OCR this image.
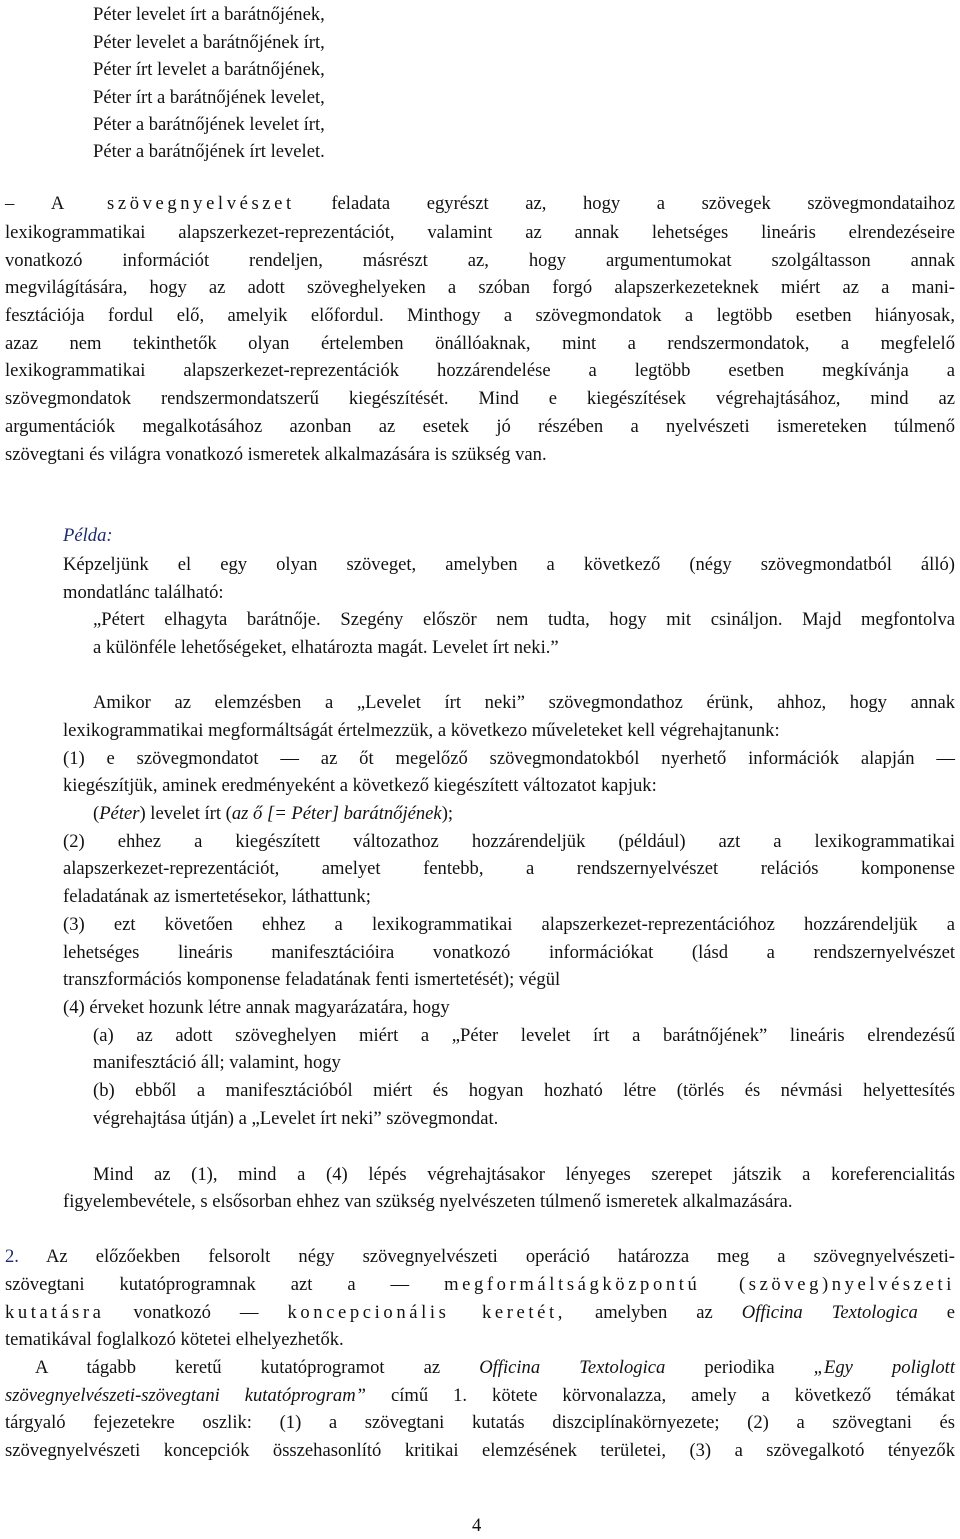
Péter levelet írt a barátnőjének,
Péter levelet a barátnőjének írt,
Péter írt levelet a barátnőjének,
Péter írt a barátnőjének levelet,
Péter a barátnőjének levelet írt,
Péter a barátnőjének írt levelet.
– A szövegnyelvészet feladata egyrészt az, hogy a szövegek szövegmondataihoz
lexikogrammatikai alapszerkezet-reprezentációt, valamint az annak lehetséges lineáris elrendezéseire
vonatkozó információt rendeljen, másrészt az, hogy argumentumokat szolgáltasson annak
megvilágítására, hogy az adott szöveghelyeken a szóban forgó alapszerkezeteknek miért az a mani-
fesztációja fordul elő, amelyik előfordul. Minthogy a szövegmondatok a legtöbb esetben hiányosak,
azaz nem tekinthetők olyan értelemben önállóaknak, mint a rendszermondatok, a megfelelő
lexikogrammatikai alapszerkezet-reprezentációk hozzárendelése a legtöbb esetben megkívánja a
szövegmondatok rendszermondatszerű kiegészítését. Mind e kiegészítések végrehajtásához, mind az
argumentációk megalkotásához azonban az esetek jó részében a nyelvészeti ismereteken túlmenő
szövegtani és világra vonatkozó ismeretek alkalmazására is szükség van.
Példa:
Képzeljünk el egy olyan szöveget, amelyben a következő (négy szövegmondatból álló)
mondatlánc található:
„Pétert elhagyta barátnője. Szegény először nem tudta, hogy mit csináljon. Majd megfontolva
a különféle lehetőségeket, elhatározta magát. Levelet írt neki.”
Amikor az elemzésben a „Levelet írt neki” szövegmondathoz érünk, ahhoz, hogy annak
lexikogrammatikai megformáltságát értelmezzük, a következo műveleteket kell végrehajtanunk:
(1) e szövegmondatot — az őt megelőző szövegmondatokból nyerhető információk alapján —
kiegészítjük, aminek eredményeként a következő kiegészített változatot kapjuk:
(Péter) levelet írt (az ő [= Péter] barátnőjének);
(2) ehhez a kiegészített változathoz hozzárendeljük (például) azt a lexikogrammatikai
alapszerkezet-reprezentációt, amelyet fentebb, a rendszernyelvészet relációs komponense
feladatának az ismertetésekor, láthattunk;
(3) ezt követően ehhez a lexikogrammatikai alapszerkezet-reprezentációhoz hozzárendeljük a
lehetséges lineáris manifesztációira vonatkozó információkat (lásd a rendszernyelvészet
transzformációs komponense feladatának fenti ismertetését); végül
(4) érveket hozunk létre annak magyarázatára, hogy
(a) az adott szöveghelyen miért a „Péter levelet írt a barátnőjének” lineáris elrendezésű
manifesztáció áll; valamint, hogy
(b) ebből a manifesztációból miért és hogyan hozható létre (törlés és névmási helyettesítés
végrehajtása útján) a „Levelet írt neki” szövegmondat.
Mind az (1), mind a (4) lépés végrehajtásakor lényeges szerepet játszik a koreferencialitás
figyelembevétele, s elsősorban ehhez van szükség nyelvészeten túlmenő ismeretek alkalmazására.
2. Az előzőekben felsorolt négy szövegnyelvészeti operáció határozza meg a szövegnyelvészeti-
szövegtani kutatóprogramnak azt a — megformáltságközpontú (szöveg)nyelvészeti
kutatásra vonatkozó — koncepcionális keretét, amelyben az Officina Textologica e
tematikával foglalkozó kötetei elhelyezhetők.
A tágabb keretű kutatóprogramot az Officina Textologica periodika „Egy poliglott
szövegnyelvészeti-szövegtani kutatóprogram” című 1. kötete körvonalazza, amely a következő témákat
tárgyaló fejezetekre oszlik: (1) a szövegtani kutatás diszciplínakörnyezete; (2) a szövegtani és
szövegnyelvészeti koncepciók összehasonlító kritikai elemzésének területei, (3) a szövegalkotó tényezők
4
